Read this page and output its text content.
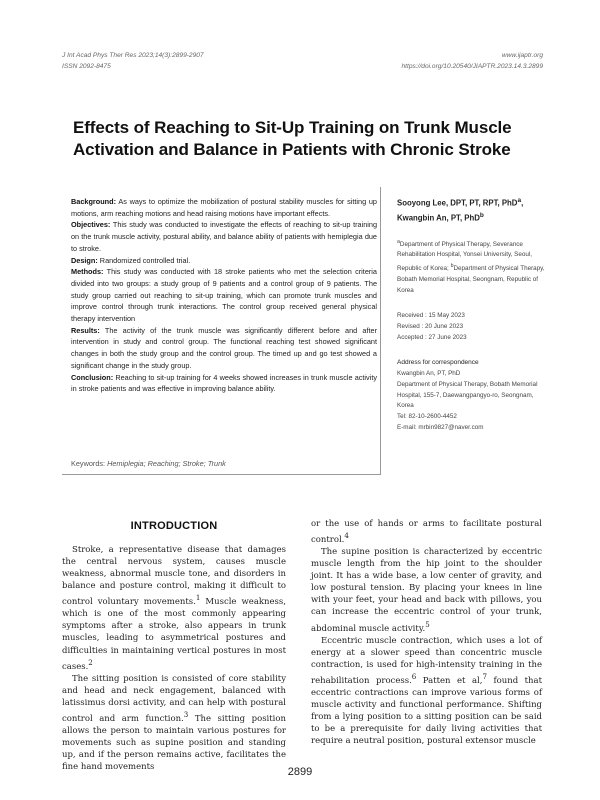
J Int Acad Phys Ther Res 2023;14(3):2899-2907
ISSN 2092-8475
www.ijaptr.org
https://doi.org/10.20540/JIAPTR.2023.14.3.2899
Effects of Reaching to Sit-Up Training on Trunk Muscle Activation and Balance in Patients with Chronic Stroke

Background: As ways to optimize the mobilization of postural stability muscles for sitting up motions, arm reaching motions and head raising motions have important effects.

Objectives: This study was conducted to investigate the effects of reaching to sit-up training on the trunk muscle activity, postural ability, and balance ability of patients with hemiplegia due to stroke.

Design: Randomized controlled trial.

Methods: This study was conducted with 18 stroke patients who met the selection criteria divided into two groups: a study group of 9 patients and a control group of 9 patients. The study group carried out reaching to sit-up training, which can promote trunk muscles and improve control through trunk interactions. The control group received general physical therapy intervention

Results: The activity of the trunk muscle was significantly different before and after intervention in study and control group. The functional reaching test showed significant changes in both the study group and the control group. The timed up and go test showed a significant change in the study group.

Conclusion: Reaching to sit-up training for 4 weeks showed increases in trunk muscle activity in stroke patients and was effective in improving balance ability.

Keywords: Hemiplegia; Reaching; Stroke; Trunk
Sooyong Lee, DPT, PT, RPT, PhD$^a$,
Kwangbin An, PT, PhD$^b$
$^a$Department of Physical Therapy, Severance Rehabilitation Hospital, Yonsei University, Seoul, Republic of Korea; $^b$Department of Physical Therapy, Bobath Memorial Hospital, Seongnam, Republic of Korea
Received : 15 May 2023
Revised : 20 June 2023
Accepted : 27 June 2023
Address for correspondence
Kwangbin An, PT, PhD
Department of Physical Therapy, Bobath Memorial Hospital, 155-7, Daewangpangyo-ro, Seongnam, Korea
Tel: 82-10-2600-4452
E-mail: mrbin9827@naver.com
INTRODUCTION

Stroke, a representative disease that damages the central nervous system, causes muscle weakness, abnormal muscle tone, and disorders in balance and posture control, making it difficult to control voluntary movements.$^1$ Muscle weakness, which is one of the most commonly appearing symptoms after a stroke, also appears in trunk muscles, leading to asymmetrical postures and difficulties in maintaining vertical postures in most cases.$^2$

The sitting position is consisted of core stability and head and neck engagement, balanced with latissimus dorsi activity, and can help with postural control and arm function.$^3$ The sitting position allows the person to maintain various postures for movements such as supine position and standing up, and if the person remains active, facilitates the fine hand movements

or the use of hands or arms to facilitate postural control.$^4$

The supine position is characterized by eccentric muscle length from the hip joint to the shoulder joint. It has a wide base, a low center of gravity, and low postural tension. By placing your knees in line with your feet, your head and back with pillows, you can increase the eccentric control of your trunk, abdominal muscle activity.$^5$

Eccentric muscle contraction, which uses a lot of energy at a slower speed than concentric muscle contraction, is used for high-intensity training in the rehabilitation process.$^6$ Patten et al,$^7$ found that eccentric contractions can improve various forms of muscle activity and functional performance. Shifting from a lying position to a sitting position can be said to be a prerequisite for daily living activities that require a neutral position, postural extensor muscle

2899
